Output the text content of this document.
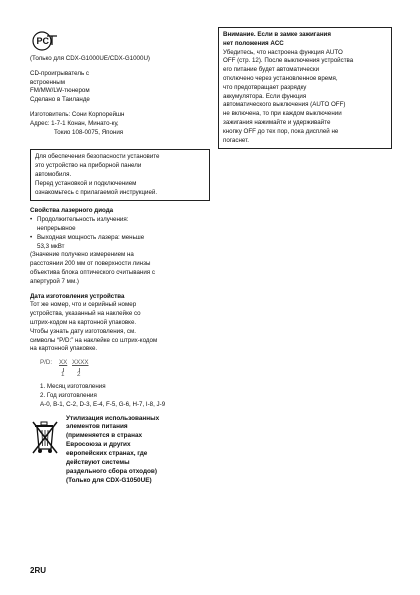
PC

(Только для CDX-G1000UE/CDX-G1000U)

CD-проигрыватель с

встроенным

FM/MW/LW-тюнером

Сделано в Таиланде

Изготовитель: Сони Корпорейшн

Адрес: 1-7-1 Конан, Минато-ку,

Токио 108-0075, Япония

Для обеспечения безопасности установите

это устройство на приборной панели

автомобиля.

Перед установкой и подключением

ознакомьтесь с прилагаемой инструкцией.

Свойства лазерного диода

• Продолжительность излучения:

непрерывное

• Выходная мощность лазера: меньше

53,3 мкВт

(Значение получено измерением на

расстоянии 200 мм от поверхности линзы

объектива блока оптического считывания с

апертурой 7 мм.)

Дата изготовления устройства

Тот же номер, что и серийный номер

устройства, указанный на наклейке со

штрих-кодом на картонной упаковке.

Чтобы узнать дату изготовления, см.

символы “P/D:” на наклейке со штрих-кодом

на картонной упаковке.

P/D: XX XXXX
1 2

1. Месяц изготовления

2. Год изготовления

A-0, B-1, C-2, D-3, E-4, F-5, G-6, H-7, I-8, J-9

Утилизация использованных

элементов питания

(применяется в странах

Евросоюза и других

европейских странах, где

действуют системы

раздельного сбора отходов)

(Только для CDX-G1050UE)

Внимание. Если в замке зажигания

нет положения ACC

Убедитесь, что настроена функция AUTO

OFF (стр. 12). После выключения устройства

его питание будет автоматически

отключено через установленное время,

что предотвращает разрядку

аккумулятора. Если функция

автоматического выключения (AUTO OFF)

не включена, то при каждом выключении

зажигания нажимайте и удерживайте

кнопку OFF до тех пор, пока дисплей не

погаснет.

2RU
